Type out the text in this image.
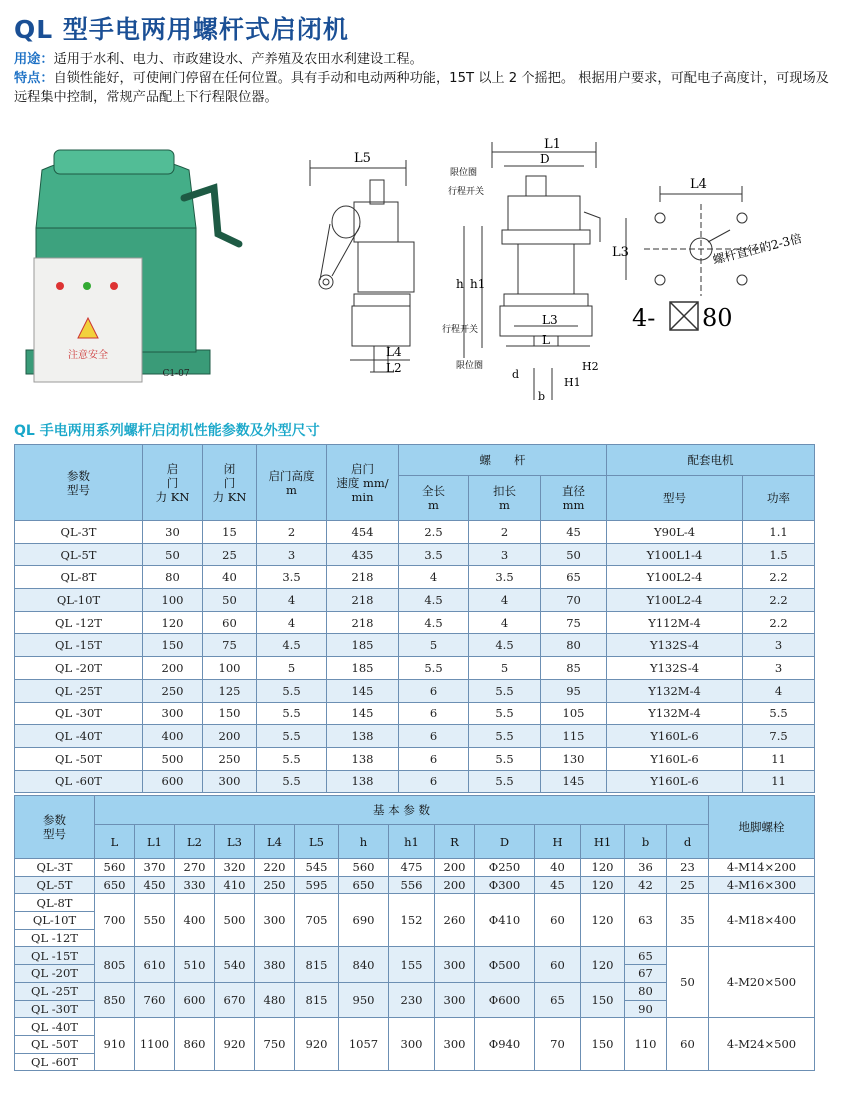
QL 型手电两用螺杆式启闭机
用途：适用于水利、电力、市政建设水、产养殖及农田水利建设工程。
特点：自锁性能好，可使闸门停留在任何位置。具有手动和电动两种功能，15T 以上 2 个摇把。 根据用户要求，可配电子高度计，可现场及远程集中控制，常规产品配上下行程限位器。
注意安全
C1-07
L5
L4
L2
L1
D
限位圈
行程开关
h h1
行程开关
L3
L
限位圈
H1
H2
d
b
L4
L3	螺杆直径的2-3倍
4- 80
QL 手电两用系列螺杆启闭机性能参数及外型尺寸
参数
型号	启
门
力 KN	闭
门
力 KN	启门高度
m	启门
速度 mm/
min	螺　　杆			配套电机	
					全长
m	扣长
m	直径
mm	型号	功率
QL-3T	30	15	2	454	2.5	2	45	Y90L-4	1.1
QL-5T	50	25	3	435	3.5	3	50	Y100L1-4	1.5
QL-8T	80	40	3.5	218	4	3.5	65	Y100L2-4	2.2
QL-10T	100	50	4	218	4.5	4	70	Y100L2-4	2.2
QL -12T	120	60	4	218	4.5	4	75	Y112M-4	2.2
QL -15T	150	75	4.5	185	5	4.5	80	Y132S-4	3
QL -20T	200	100	5	185	5.5	5	85	Y132S-4	3
QL -25T	250	125	5.5	145	6	5.5	95	Y132M-4	4
QL -30T	300	150	5.5	145	6	5.5	105	Y132M-4	5.5
QL -40T	400	200	5.5	138	6	5.5	115	Y160L-6	7.5
QL -50T	500	250	5.5	138	6	5.5	130	Y160L-6	11
QL -60T	600	300	5.5	138	6	5.5	145	Y160L-6	11
参数
型号	基 本 参 数														地脚螺栓
	L	L1	L2	L3	L4	L5	h	h1	R	D	H	H1	b	d	
QL-3T	560	370	270	320	220	545	560	475	200	Φ250	40	120	36	23	4-M14×200
QL-5T	650	450	330	410	250	595	650	556	200	Φ300	45	120	42	25	4-M16×300
QL-8T	700	550	400	500	300	705	690	152	260	Φ410	60	120	63	35	4-M18×400
QL-10T															
QL -12T															
QL -15T	805	610	510	540	380	815	840	155	300	Φ500	60	120	65	50	4-M20×500
QL -20T													67		
QL -25T	850	760	600	670	480	815	950	230	300	Φ600	65	150	80		
QL -30T													90		
QL -40T	910	1100	860	920	750	920	1057	300	300	Φ940	70	150	110	60	4-M24×500
QL -50T															
QL -60T															
